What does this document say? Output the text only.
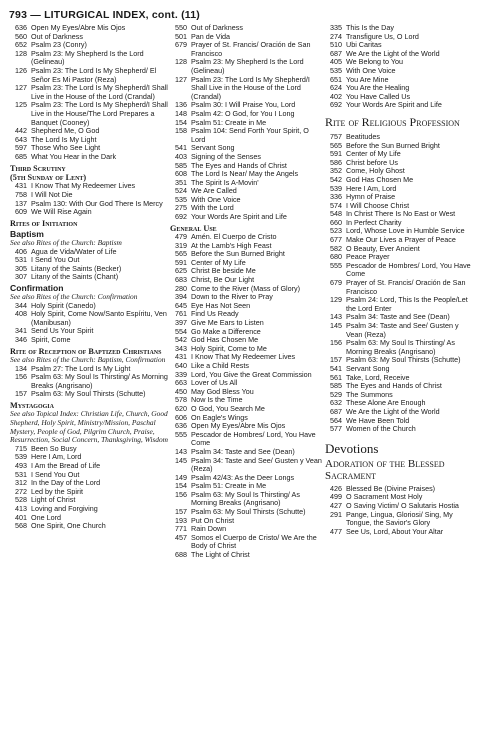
793 — LITURGICAL INDEX, cont. (11)
636 Open My Eyes/Abre Mis Ojos
560 Out of Darkness
652 Psalm 23 (Conry)
128 Psalm 23: My Shepherd Is the Lord (Gelineau)
126 Psalm 23: The Lord Is My Shepherd/ El Señor Es Mi Pastor (Reza)
127 Psalm 23: The Lord Is My Shepherd/I Shall Live in the House of the Lord (Crandal)
125 Psalm 23: The Lord Is My Shepherd/I Shall Live in the House/The Lord Prepares a Banquet (Cooney)
442 Shepherd Me, O God
643 The Lord Is My Light
597 Those Who See Light
685 What You Hear in the Dark
Third Scrutiny
(5th Sunday of Lent)
431 I Know That My Redeemer Lives
758 I Will Not Die
137 Psalm 130: With Our God There Is Mercy
609 We Will Rise Again
Rites of Initiation
Baptism
See also Rites of the Church: Baptism
406 Agua de Vida/Water of Life
531 I Send You Out
305 Litany of the Saints (Becker)
307 Litany of the Saints (Chant)
Confirmation
See also Rites of the Church: Confirmation
344 Holy Spirit (Canedo)
408 Holy Spirit, Come Now/Santo Espíritu, Ven (Manibusan)
341 Send Us Your Spirit
346 Spirit, Come
Rite of Reception of Baptized Christians
See also Rites of the Church: Baptism, Confirmation
134 Psalm 27: The Lord Is My Light
156 Psalm 63: My Soul Is Thirsting/ As Morning Breaks (Angrisano)
157 Psalm 63: My Soul Thirsts (Schutte)
Mystagogia
See also Topical Index: Christian Life, Church, Good Shepherd, Holy Spirit, Ministry/Mission, Paschal Mystery, People of God, Pilgrim Church, Praise, Resurrection, Social Concern, Thanksgiving, Wisdom
715 Been So Busy
539 Here I Am, Lord
493 I Am the Bread of Life
531 I Send You Out
312 In the Day of the Lord
272 Led by the Spirit
528 Light of Christ
413 Loving and Forgiving
401 One Lord
568 One Spirit, One Church
550 Out of Darkness
501 Pan de Vida
679 Prayer of St. Francis/ Oración de San Francisco
128 Psalm 23: My Shepherd Is the Lord (Gelineau)
127 Psalm 23: The Lord Is My Shepherd/I Shall Live in the House of the Lord (Crandal)
136 Psalm 30: I Will Praise You, Lord
148 Psalm 42: O God, for You I Long
154 Psalm 51: Create in Me
158 Psalm 104: Send Forth Your Spirit, O Lord
541 Servant Song
403 Signing of the Senses
585 The Eyes and Hands of Christ
608 The Lord Is Near/ May the Angels
351 The Spirit Is A-Movin'
524 We Are Called
535 With One Voice
275 With the Lord
692 Your Words Are Spirit and Life
General Use
479 Amén. El Cuerpo de Cristo
319 At the Lamb's High Feast
565 Before the Sun Burned Bright
591 Center of My Life
625 Christ Be beside Me
683 Christ, Be Our Light
280 Come to the River (Mass of Glory)
394 Down to the River to Pray
645 Eye Has Not Seen
761 Find Us Ready
397 Give Me Ears to Listen
554 Go Make a Difference
542 God Has Chosen Me
343 Holy Spirit, Come to Me
431 I Know That My Redeemer Lives
640 Like a Child Rests
339 Lord, You Give the Great Commission
663 Lover of Us All
450 May God Bless You
578 Now Is the Time
620 O God, You Search Me
606 On Eagle's Wings
636 Open My Eyes/Abre Mis Ojos
555 Pescador de Hombres/ Lord, You Have Come
143 Psalm 34: Taste and See (Dean)
145 Psalm 34: Taste and See/ Gusten y Vean (Reza)
149 Psalm 42/43: As the Deer Longs
154 Psalm 51: Create in Me
156 Psalm 63: My Soul Is Thirsting/ As Morning Breaks (Angrisano)
157 Psalm 63: My Soul Thirsts (Schutte)
193 Put On Christ
771 Rain Down
457 Somos el Cuerpo de Cristo/ We Are the Body of Christ
688 The Light of Christ
335 This Is the Day
274 Transfigure Us, O Lord
510 Ubi Caritas
687 We Are the Light of the World
405 We Belong to You
535 With One Voice
651 You Are Mine
624 You Are the Healing
402 You Have Called Us
692 Your Words Are Spirit and Life
Rite of Religious Profession
757 Beatitudes
565 Before the Sun Burned Bright
591 Center of My Life
586 Christ before Us
352 Come, Holy Ghost
542 God Has Chosen Me
539 Here I Am, Lord
336 Hymn of Praise
574 I Will Choose Christ
548 In Christ There Is No East or West
660 In Perfect Charity
523 Lord, Whose Love in Humble Service
677 Make Our Lives a Prayer of Peace
582 O Beauty, Ever Ancient
680 Peace Prayer
555 Pescador de Hombres/ Lord, You Have Come
679 Prayer of St. Francis/ Oración de San Francisco
129 Psalm 24: Lord, This Is the People/Let the Lord Enter
143 Psalm 34: Taste and See (Dean)
145 Psalm 34: Taste and See/ Gusten y Vean (Reza)
156 Psalm 63: My Soul Is Thirsting/ As Morning Breaks (Angrisano)
157 Psalm 63: My Soul Thirsts (Schutte)
541 Servant Song
561 Take, Lord, Receive
585 The Eyes and Hands of Christ
529 The Summons
632 These Alone Are Enough
687 We Are the Light of the World
564 We Have Been Told
577 Women of the Church
Devotions
Adoration of the Blessed Sacrament
426 Blessed Be (Divine Praises)
499 O Sacrament Most Holy
427 O Saving Victim/ O Salutaris Hostia
291 Pange, Lingua, Gloriosi/ Sing, My Tongue, the Savior's Glory
477 See Us, Lord, About Your Altar
